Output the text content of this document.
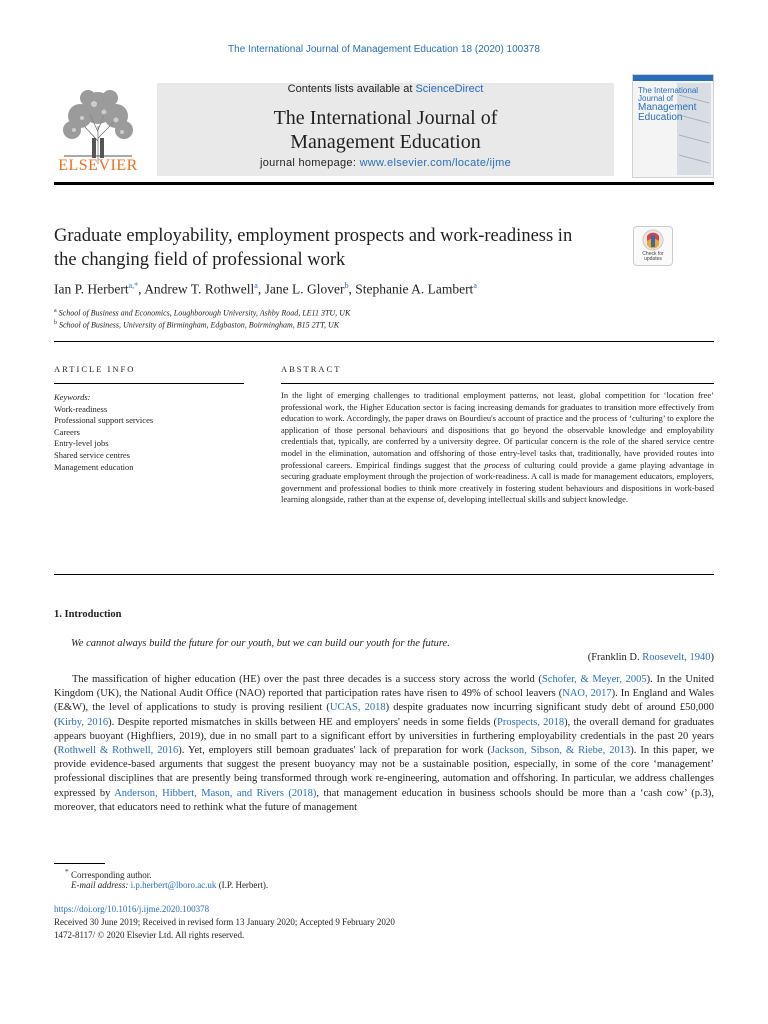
The International Journal of Management Education 18 (2020) 100378
ELSEVIER
Contents lists available at ScienceDirect
The International Journal of
Management Education
journal homepage: www.elsevier.com/locate/ijme
The International
Journal of
Management
Education
Graduate employability, employment prospects and work-readiness in the changing field of professional work	Check for updates
Ian P. Herbert$^{a,*}$, Andrew T. Rothwell$^a$, Jane L. Glover$^b$, Stephanie A. Lambert$^a$
$^a$ School of Business and Economics, Loughborough University, Ashby Road, LE11 3TU, UK
$^b$ School of Business, University of Birmingham, Edgbaston, Boirmingham, B15 2TT, UK
ARTICLE INFO	ABSTRACT
Keywords:
Work-readiness
Professional support services
Careers
Entry-level jobs
Shared service centres
Management education
In the light of emerging challenges to traditional employment patterns, not least, global competition for ‘location free’ professional work, the Higher Education sector is facing increasing demands for graduates to transition more effectively from education to work. Accordingly, the paper draws on Bourdieu's account of practice and the process of ‘culturing’ to explore the application of those personal behaviours and dispositions that go beyond the observable knowledge and employability credentials that, typically, are conferred by a university degree. Of particular concern is the role of the shared service centre model in the elimination, automation and offshoring of those entry-level tasks that, traditionally, have provided routes into professional careers. Empirical findings suggest that the process of culturing could provide a game playing advantage in securing graduate employment through the projection of work-readiness. A call is made for management educators, employers, government and professional bodies to think more creatively in fostering student behaviours and dispositions in work-based learning alongside, rather than at the expense of, developing intellectual skills and subject knowledge.
1. Introduction
We cannot always build the future for our youth, but we can build our youth for the future.
(Franklin D. Roosevelt, 1940)
The massification of higher education (HE) over the past three decades is a success story across the world (Schofer, & Meyer, 2005). In the United Kingdom (UK), the National Audit Office (NAO) reported that participation rates have risen to 49% of school leavers (NAO, 2017). In England and Wales (E&W), the level of applications to study is proving resilient (UCAS, 2018) despite graduates now incurring significant study debt of around £50,000 (Kirby, 2016). Despite reported mismatches in skills between HE and employers' needs in some fields (Prospects, 2018), the overall demand for graduates appears buoyant (Highfliers, 2019), due in no small part to a significant effort by universities in furthering employability credentials in the past 20 years (Rothwell & Rothwell, 2016). Yet, employers still bemoan graduates' lack of preparation for work (Jackson, Sibson, & Riebe, 2013). In this paper, we provide evidence-based arguments that suggest the present buoyancy may not be a sustainable position, especially, in some of the core ‘management’ professional disciplines that are presently being transformed through work re-engineering, automation and offshoring. In particular, we address challenges expressed by Anderson, Hibbert, Mason, and Rivers (2018), that management education in business schools should be more than a ‘cash cow’ (p.3), moreover, that educators need to rethink what the future of management
* Corresponding author.
E-mail address: i.p.herbert@lboro.ac.uk (I.P. Herbert).
https://doi.org/10.1016/j.ijme.2020.100378
Received 30 June 2019; Received in revised form 13 January 2020; Accepted 9 February 2020
1472-8117/ © 2020 Elsevier Ltd. All rights reserved.
